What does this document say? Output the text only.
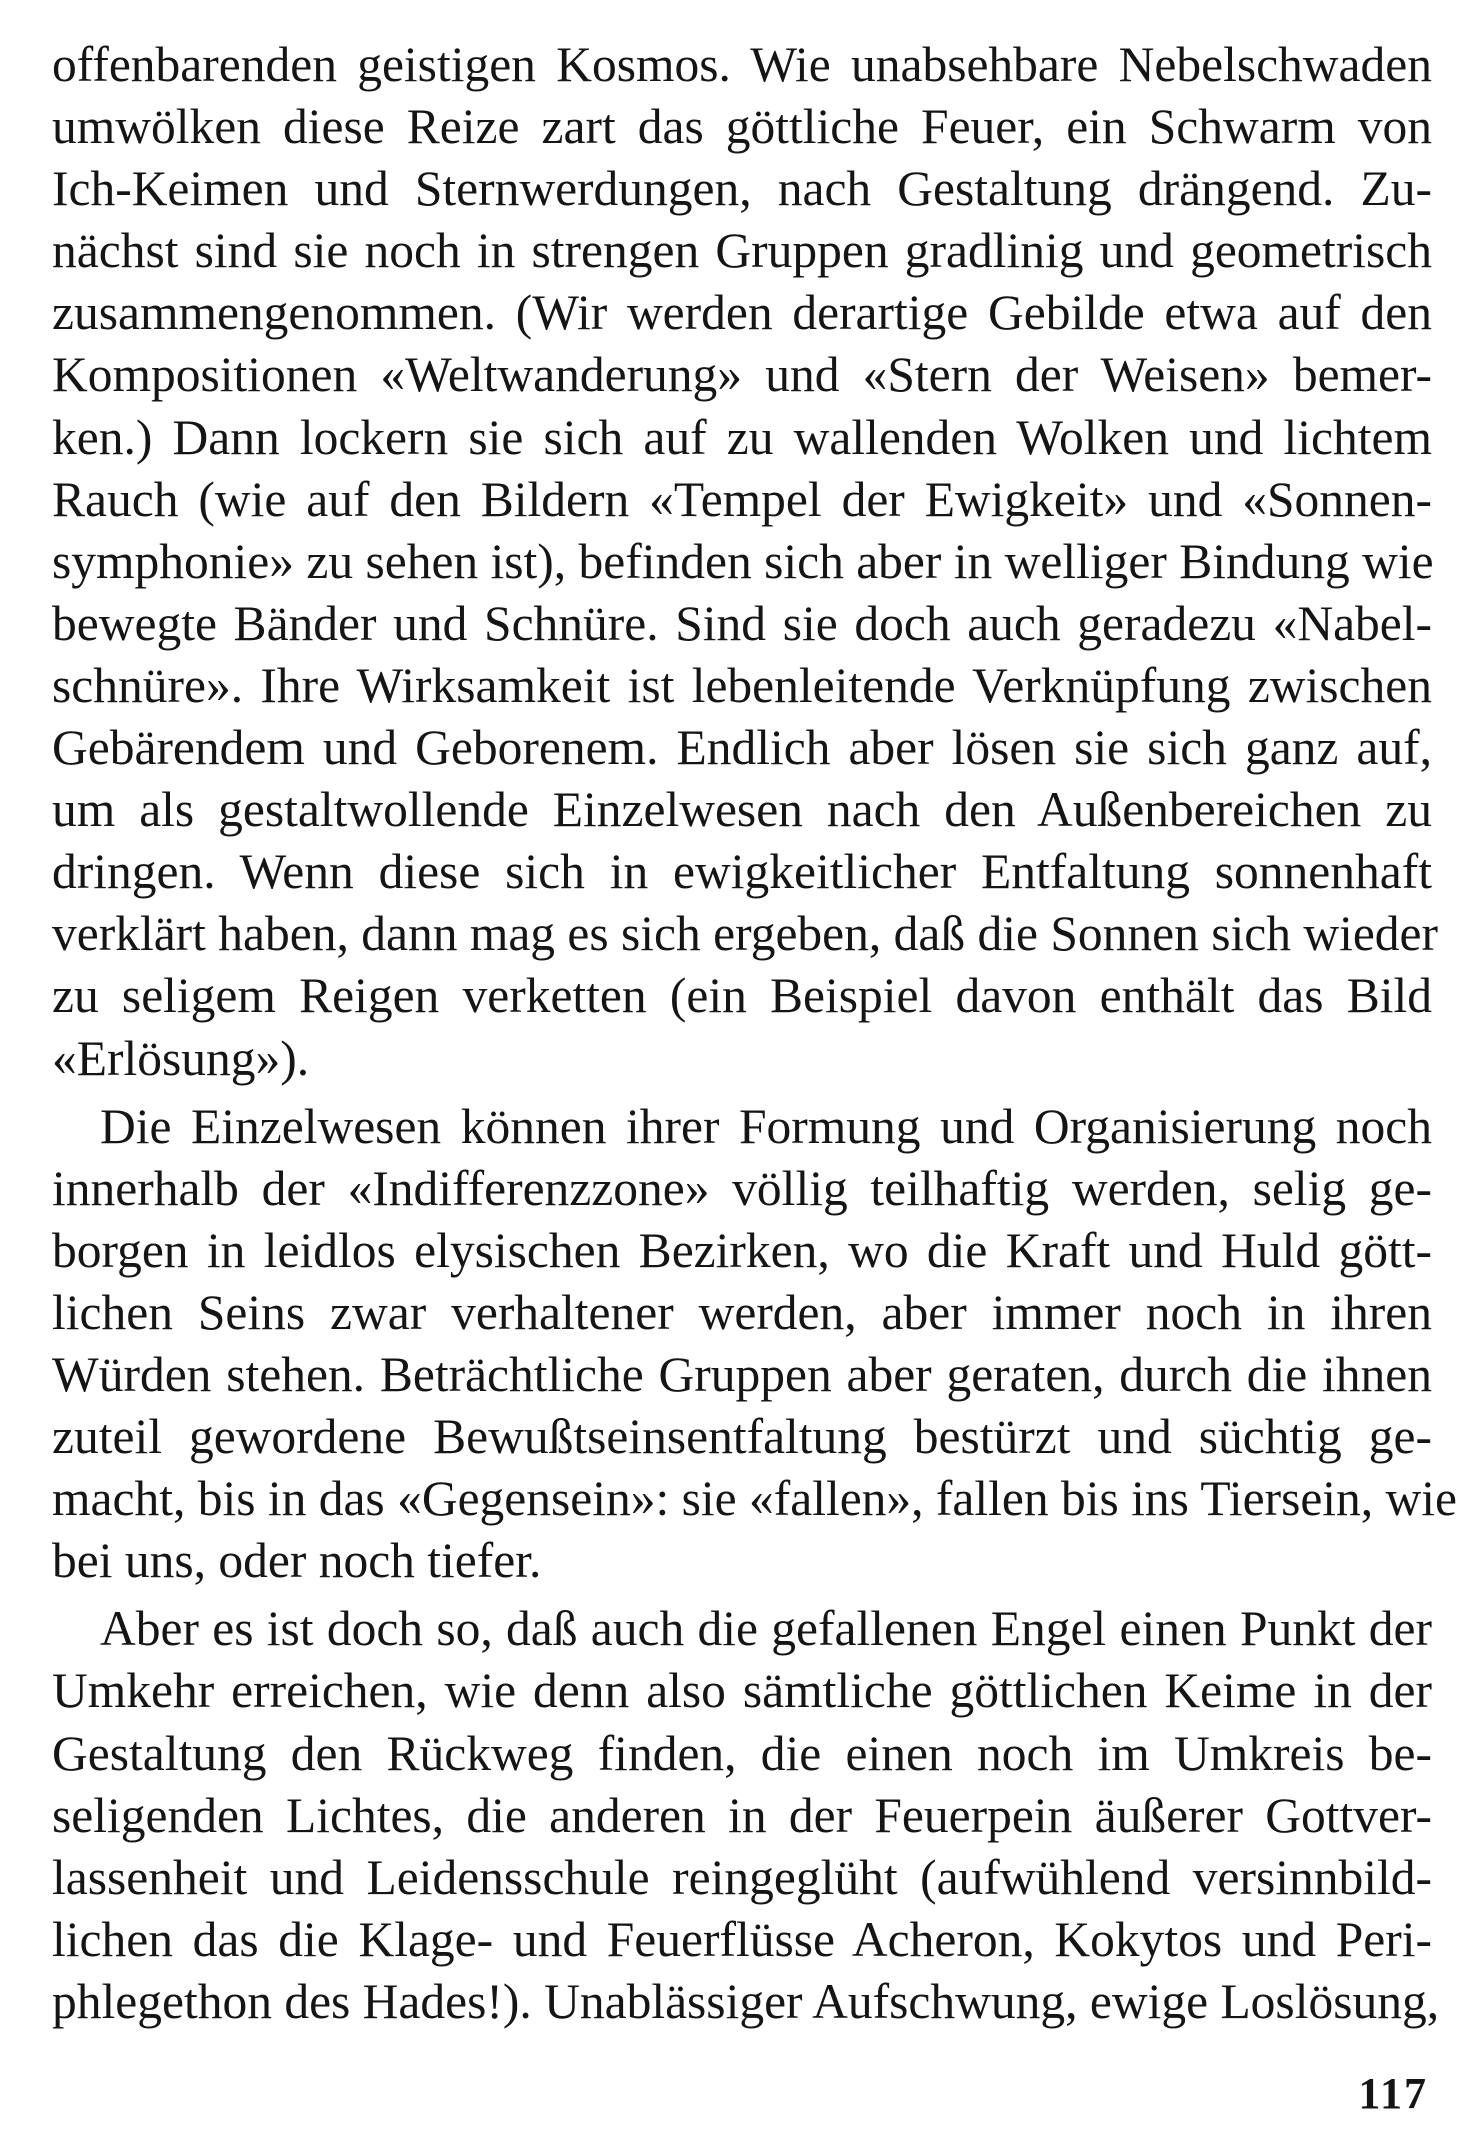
offenbarenden geistigen Kosmos. Wie unabsehbare Nebelschwaden
umwölken diese Reize zart das göttliche Feuer, ein Schwarm von
Ich-Keimen und Sternwerdungen, nach Gestaltung drängend. Zu-
nächst sind sie noch in strengen Gruppen gradlinig und geometrisch
zusammengenommen. (Wir werden derartige Gebilde etwa auf den
Kompositionen «Weltwanderung» und «Stern der Weisen» bemer-
ken.) Dann lockern sie sich auf zu wallenden Wolken und lichtem
Rauch (wie auf den Bildern «Tempel der Ewigkeit» und «Sonnen-
symphonie» zu sehen ist), befinden sich aber in welliger Bindung wie
bewegte Bänder und Schnüre. Sind sie doch auch geradezu «Nabel-
schnüre». Ihre Wirksamkeit ist lebenleitende Verknüpfung zwischen
Gebärendem und Geborenem. Endlich aber lösen sie sich ganz auf,
um als gestaltwollende Einzelwesen nach den Außenbereichen zu
dringen. Wenn diese sich in ewigkeitlicher Entfaltung sonnenhaft
verklärt haben, dann mag es sich ergeben, daß die Sonnen sich wieder
zu seligem Reigen verketten (ein Beispiel davon enthält das Bild
«Erlösung»).
Die Einzelwesen können ihrer Formung und Organisierung noch
innerhalb der «Indifferenzzone» völlig teilhaftig werden, selig ge-
borgen in leidlos elysischen Bezirken, wo die Kraft und Huld gött-
lichen Seins zwar verhaltener werden, aber immer noch in ihren
Würden stehen. Beträchtliche Gruppen aber geraten, durch die ihnen
zuteil gewordene Bewußtseinsentfaltung bestürzt und süchtig ge-
macht, bis in das «Gegensein»: sie «fallen», fallen bis ins Tiersein, wie
bei uns, oder noch tiefer.
Aber es ist doch so, daß auch die gefallenen Engel einen Punkt der
Umkehr erreichen, wie denn also sämtliche göttlichen Keime in der
Gestaltung den Rückweg finden, die einen noch im Umkreis be-
seligenden Lichtes, die anderen in der Feuerpein äußerer Gottver-
lassenheit und Leidensschule reingeglüht (aufwühlend versinnbild-
lichen das die Klage- und Feuerflüsse Acheron, Kokytos und Peri-
phlegethon des Hades!). Unablässiger Aufschwung, ewige Loslösung,
117
